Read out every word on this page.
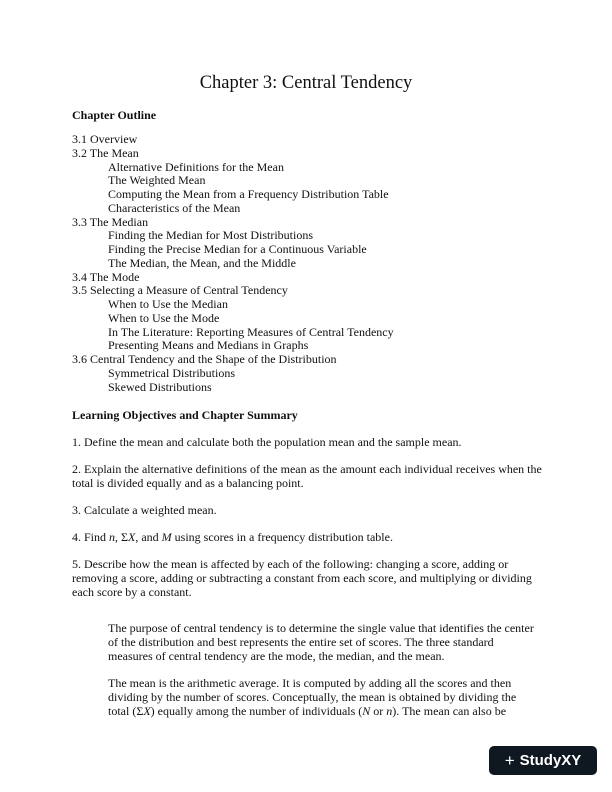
Chapter 3: Central Tendency
Chapter Outline
3.1 Overview
3.2 The Mean
Alternative Definitions for the Mean
The Weighted Mean
Computing the Mean from a Frequency Distribution Table
Characteristics of the Mean
3.3 The Median
Finding the Median for Most Distributions
Finding the Precise Median for a Continuous Variable
The Median, the Mean, and the Middle
3.4 The Mode
3.5 Selecting a Measure of Central Tendency
When to Use the Median
When to Use the Mode
In The Literature: Reporting Measures of Central Tendency
Presenting Means and Medians in Graphs
3.6 Central Tendency and the Shape of the Distribution
Symmetrical Distributions
Skewed Distributions
Learning Objectives and Chapter Summary

1. Define the mean and calculate both the population mean and the sample mean.

2. Explain the alternative definitions of the mean as the amount each individual receives when the total is divided equally and as a balancing point.

3. Calculate a weighted mean.

4. Find n, ΣX, and M using scores in a frequency distribution table.

5. Describe how the mean is affected by each of the following: changing a score, adding or removing a score, adding or subtracting a constant from each score, and multiplying or dividing each score by a constant.

The purpose of central tendency is to determine the single value that identifies the center of the distribution and best represents the entire set of scores. The three standard measures of central tendency are the mode, the median, and the mean.

The mean is the arithmetic average. It is computed by adding all the scores and then dividing by the number of scores. Conceptually, the mean is obtained by dividing the total (ΣX) equally among the number of individuals (N or n). The mean can also be

+ StudyXY
